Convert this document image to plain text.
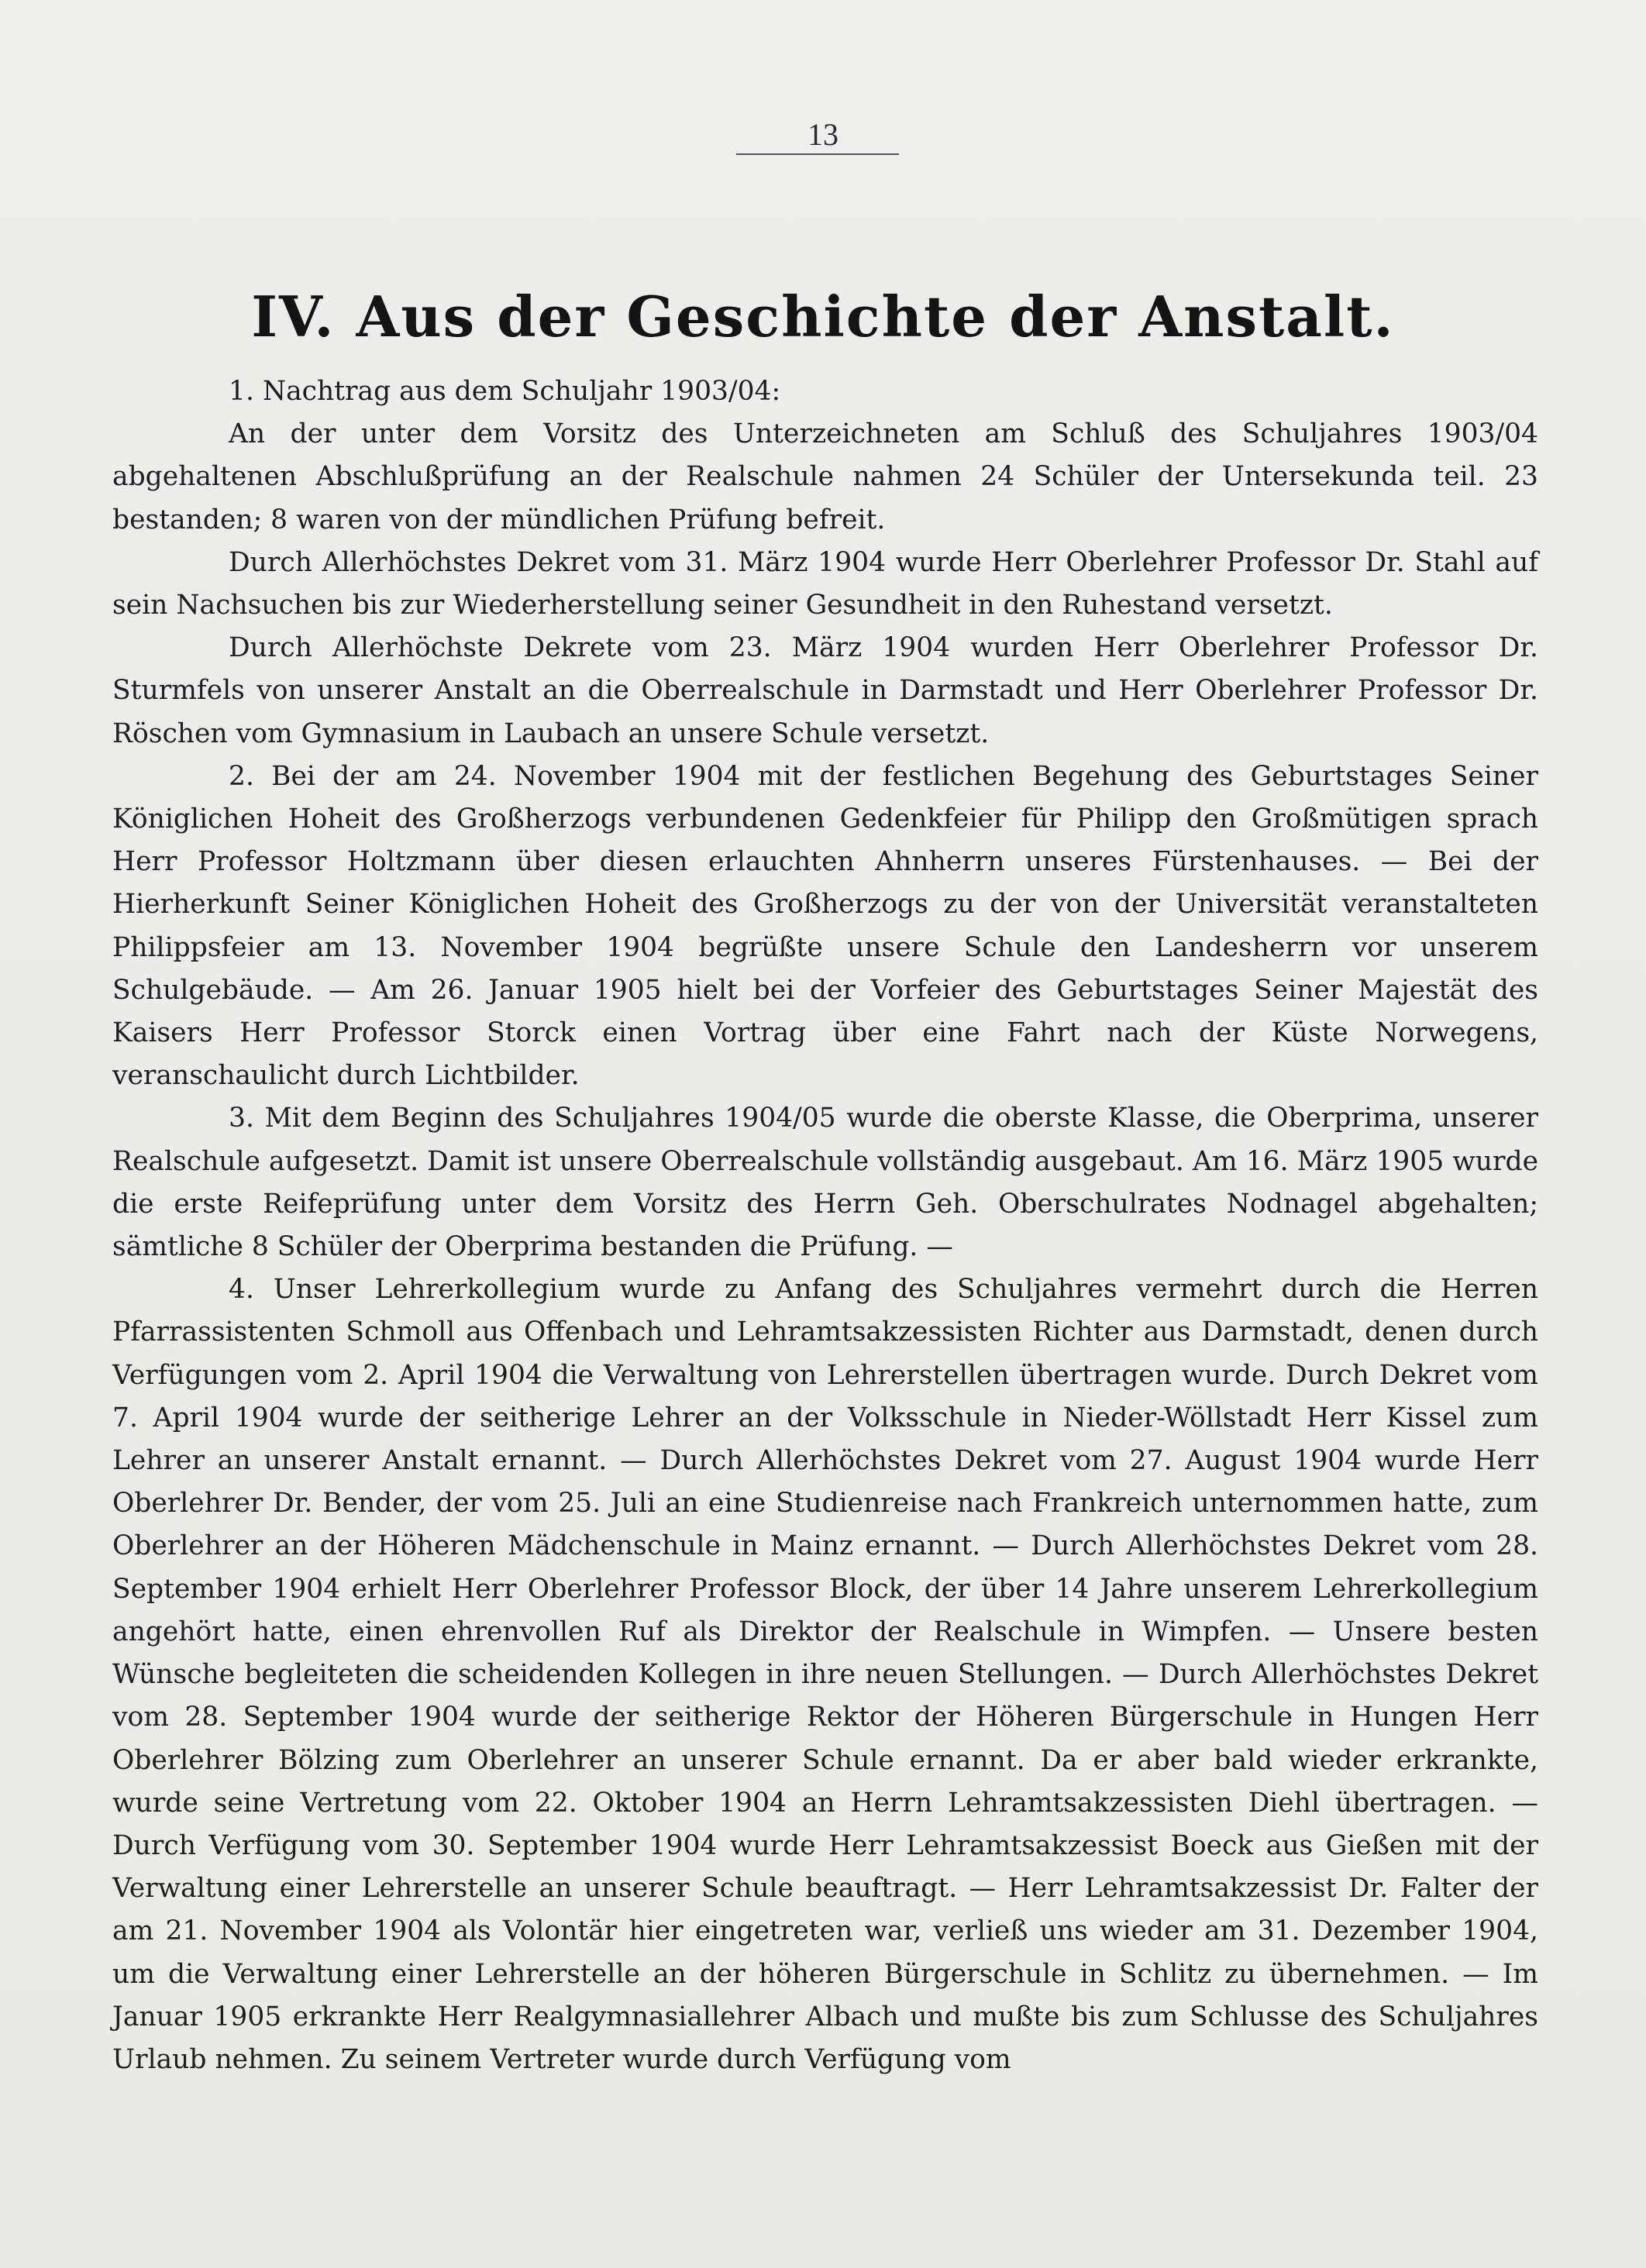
13
IV. Aus der Geschichte der Anstalt.

1. Nachtrag aus dem Schuljahr 1903/04:

An der unter dem Vorsitz des Unterzeichneten am Schluß des Schuljahres 1903/04 abgehaltenen Abschlußprüfung an der Realschule nahmen 24 Schüler der Untersekunda teil. 23 bestanden; 8 waren von der mündlichen Prüfung befreit.

Durch Allerhöchstes Dekret vom 31. März 1904 wurde Herr Oberlehrer Professor Dr. Stahl auf sein Nachsuchen bis zur Wiederherstellung seiner Gesundheit in den Ruhestand versetzt.

Durch Allerhöchste Dekrete vom 23. März 1904 wurden Herr Oberlehrer Professor Dr. Sturmfels von unserer Anstalt an die Oberrealschule in Darmstadt und Herr Oberlehrer Professor Dr. Röschen vom Gymnasium in Laubach an unsere Schule versetzt.

2. Bei der am 24. November 1904 mit der festlichen Begehung des Geburtstages Seiner Königlichen Hoheit des Großherzogs verbundenen Gedenkfeier für Philipp den Großmütigen sprach Herr Professor Holtzmann über diesen erlauchten Ahnherrn unseres Fürstenhauses. — Bei der Hierherkunft Seiner Königlichen Hoheit des Großherzogs zu der von der Universität veranstalteten Philippsfeier am 13. November 1904 begrüßte unsere Schule den Landesherrn vor unserem Schulgebäude. — Am 26. Januar 1905 hielt bei der Vorfeier des Geburtstages Seiner Majestät des Kaisers Herr Professor Storck einen Vortrag über eine Fahrt nach der Küste Norwegens, veranschaulicht durch Lichtbilder.

3. Mit dem Beginn des Schuljahres 1904/05 wurde die oberste Klasse, die Oberprima, unserer Realschule aufgesetzt. Damit ist unsere Oberrealschule vollständig ausgebaut. Am 16. März 1905 wurde die erste Reifeprüfung unter dem Vorsitz des Herrn Geh. Oberschulrates Nodnagel abgehalten; sämtliche 8 Schüler der Oberprima bestanden die Prüfung. —

4. Unser Lehrerkollegium wurde zu Anfang des Schuljahres vermehrt durch die Herren Pfarrassistenten Schmoll aus Offenbach und Lehramtsakzessisten Richter aus Darmstadt, denen durch Verfügungen vom 2. April 1904 die Verwaltung von Lehrerstellen übertragen wurde. Durch Dekret vom 7. April 1904 wurde der seitherige Lehrer an der Volksschule in Nieder-Wöllstadt Herr Kissel zum Lehrer an unserer Anstalt ernannt. — Durch Allerhöchstes Dekret vom 27. August 1904 wurde Herr Oberlehrer Dr. Bender, der vom 25. Juli an eine Studienreise nach Frankreich unternommen hatte, zum Oberlehrer an der Höheren Mädchenschule in Mainz ernannt. — Durch Allerhöchstes Dekret vom 28. September 1904 erhielt Herr Oberlehrer Professor Block, der über 14 Jahre unserem Lehrerkollegium angehört hatte, einen ehrenvollen Ruf als Direktor der Realschule in Wimpfen. — Unsere besten Wünsche begleiteten die scheidenden Kollegen in ihre neuen Stellungen. — Durch Allerhöchstes Dekret vom 28. September 1904 wurde der seitherige Rektor der Höheren Bürgerschule in Hungen Herr Oberlehrer Bölzing zum Oberlehrer an unserer Schule ernannt. Da er aber bald wieder erkrankte, wurde seine Vertretung vom 22. Oktober 1904 an Herrn Lehramtsakzessisten Diehl übertragen. — Durch Verfügung vom 30. September 1904 wurde Herr Lehramtsakzessist Boeck aus Gießen mit der Verwaltung einer Lehrerstelle an unserer Schule beauftragt. — Herr Lehramtsakzessist Dr. Falter der am 21. November 1904 als Volontär hier eingetreten war, verließ uns wieder am 31. Dezember 1904, um die Verwaltung einer Lehrerstelle an der höheren Bürgerschule in Schlitz zu übernehmen. — Im Januar 1905 erkrankte Herr Realgymnasiallehrer Albach und mußte bis zum Schlusse des Schuljahres Urlaub nehmen. Zu seinem Vertreter wurde durch Verfügung vom
